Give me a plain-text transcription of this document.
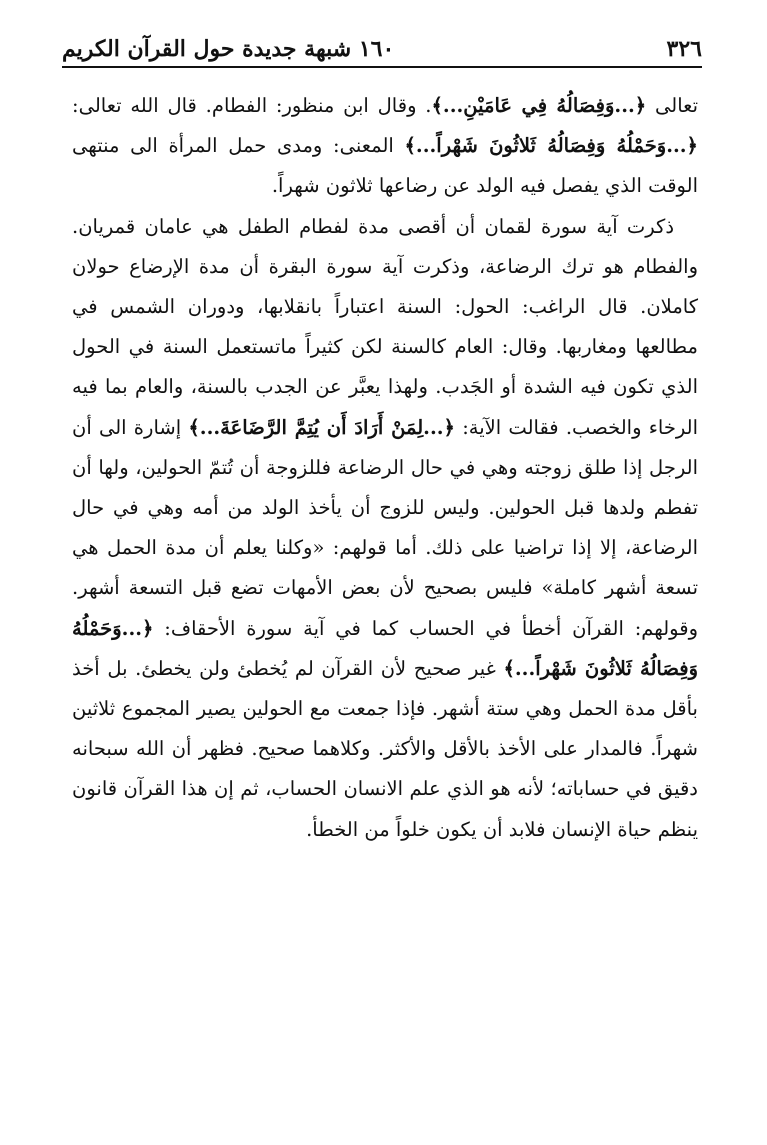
٣٢٦
١٦٠ شبهة جديدة حول القرآن الكريم

تعالى ﴿...وَفِصَالُهُ فِي عَامَيْنِ...﴾. وقال ابن منظور: الفطام. قال الله تعالى: ﴿...وَحَمْلُهُ وَفِصَالُهُ ثَلاثُونَ شَهْراً...﴾ المعنى: ومدى حمل المرأة الى منتهى الوقت الذي يفصل فيه الولد عن رضاعها ثلاثون شهراً.

ذكرت آية سورة لقمان أن أقصى مدة لفطام الطفل هي عامان قمريان. والفطام هو ترك الرضاعة، وذكرت آية سورة البقرة أن مدة الإرضاع حولان كاملان. قال الراغب: الحول: السنة اعتباراً بانقلابها، ودوران الشمس في مطالعها ومغاربها. وقال: العام كالسنة لكن كثيراً ماتستعمل السنة في الحول الذي تكون فيه الشدة أو الجَدب. ولهذا يعبَّر عن الجدب بالسنة، والعام بما فيه الرخاء والخصب. فقالت الآية: ﴿...لِمَنْ أَرَادَ أَن يُتِمَّ الرَّضَاعَةَ...﴾ إشارة الى أن الرجل إذا طلق زوجته وهي في حال الرضاعة فللزوجة أن تُتمّ الحولين، ولها أن تفطم ولدها قبل الحولين. وليس للزوج أن يأخذ الولد من أمه وهي في حال الرضاعة، إلا إذا تراضيا على ذلك. أما قولهم: «وكلنا يعلم أن مدة الحمل هي تسعة أشهر كاملة» فليس بصحيح لأن بعض الأمهات تضع قبل التسعة أشهر. وقولهم: القرآن أخطأ في الحساب كما في آية سورة الأحقاف: ﴿...وَحَمْلُهُ وَفِصَالُهُ ثَلاثُونَ شَهْراً...﴾ غير صحيح لأن القرآن لم يُخطئ ولن يخطئ. بل أخذ بأقل مدة الحمل وهي ستة أشهر. فإذا جمعت مع الحولين يصير المجموع ثلاثين شهراً. فالمدار على الأخذ بالأقل والأكثر. وكلاهما صحيح. فظهر أن الله سبحانه دقيق في حساباته؛ لأنه هو الذي علم الانسان الحساب، ثم إن هذا القرآن قانون ينظم حياة الإنسان فلابد أن يكون خلواً من الخطأ.
